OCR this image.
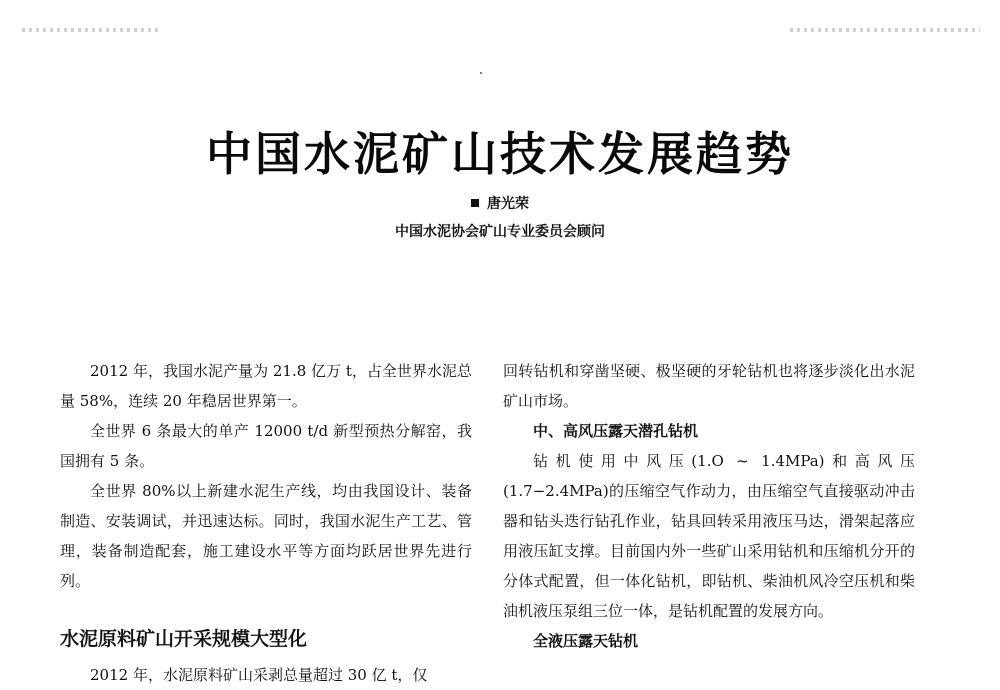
中国水泥矿山技术发展趋势
唐光荣
中国水泥协会矿山专业委员会顾问

2012 年，我国水泥产量为 21.8 亿万 t，占全世界水泥总量 58%，连续 20 年稳居世界第一。

全世界 6 条最大的单产 12000 t/d 新型预热分解窑，我国拥有 5 条。

全世界 80%以上新建水泥生产线，均由我国设计、装备制造、安装调试，并迅速达标。同时，我国水泥生产工艺、管理，装备制造配套，施工建设水平等方面均跃居世界先进行列。

水泥原料矿山开采规模大型化

2012 年，水泥原料矿山采剥总量超过 30 亿 t，仅

回转钻机和穿凿坚硬、极坚硬的牙轮钻机也将逐步淡化出水泥矿山市场。

中、高风压露天潜孔钻机

钻机使用中风压(1.O ~ 1.4MPa)和高风压(1.7−2.4MPa)的压缩空气作动力，由压缩空气直接驱动冲击器和钻头迭行钻孔作业，钻具回转采用液压马达，滑架起落应用液压缸支撑。目前国内外一些矿山采用钻机和压缩机分开的分体式配置，但一体化钻机，即钻机、柴油机风冷空压机和柴油机液压泵组三位一体，是钻机配置的发展方向。

全液压露天钻机
